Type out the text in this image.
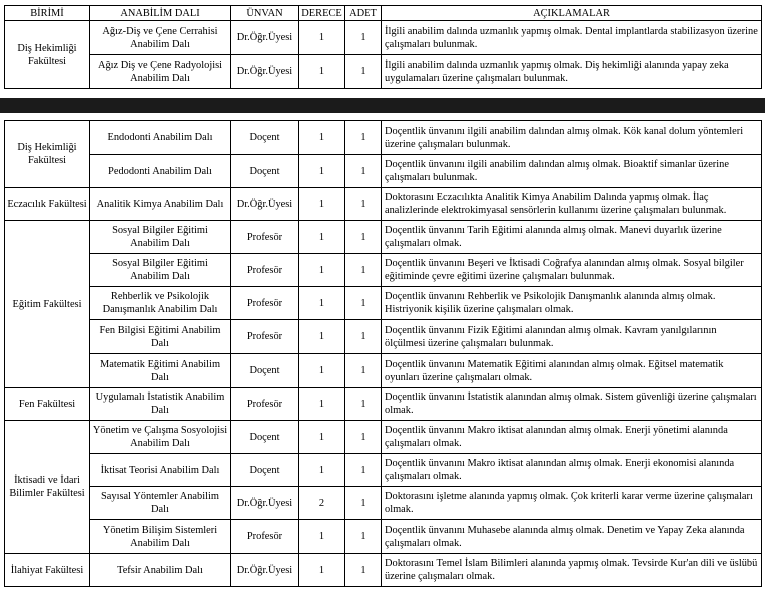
BİRİMİ	ANABİLİM DALI	ÜNVAN	DERECE	ADET	AÇIKLAMALAR
Diş Hekimliği Fakültesi	Ağız-Diş ve Çene Cerrahisi Anabilim Dalı	Dr.Öğr.Üyesi	1	1	İlgili anabilim dalında uzmanlık yapmış olmak. Dental implantlarda stabilizasyon üzerine çalışmaları bulunmak.
	Ağız Diş ve Çene Radyolojisi Anabilim Dalı	Dr.Öğr.Üyesi	1	1	İlgili anabilim dalında uzmanlık yapmış olmak. Diş hekimliği alanında yapay zeka uygulamaları üzerine çalışmaları bulunmak.
Diş Hekimliği Fakültesi	Endodonti Anabilim Dalı	Doçent	1	1	Doçentlik ünvanını ilgili anabilim dalından almış olmak. Kök kanal dolum yöntemleri üzerine çalışmaları bulunmak.
	Pedodonti Anabilim Dalı	Doçent	1	1	Doçentlik ünvanını ilgili anabilim dalından almış olmak. Bioaktif simanlar üzerine çalışmaları bulunmak.
Eczacılık Fakültesi	Analitik Kimya Anabilim Dalı	Dr.Öğr.Üyesi	1	1	Doktorasını Eczacılıkta Analitik Kimya Anabilim Dalında yapmış olmak. İlaç analizlerinde elektrokimyasal sensörlerin kullanımı üzerine çalışmaları bulunmak.
Eğitim Fakültesi	Sosyal Bilgiler Eğitimi Anabilim Dalı	Profesör	1	1	Doçentlik ünvanını Tarih Eğitimi alanında almış olmak. Manevi duyarlık üzerine çalışmaları olmak.
	Sosyal Bilgiler Eğitimi Anabilim Dalı	Profesör	1	1	Doçentlik ünvanını Beşeri ve İktisadi Coğrafya alanından almış olmak. Sosyal bilgiler eğitiminde çevre eğitimi üzerine çalışmaları bulunmak.
	Rehberlik ve Psikolojik Danışmanlık Anabilim Dalı	Profesör	1	1	Doçentlik ünvanını Rehberlik ve Psikolojik Danışmanlık alanında almış olmak. Histriyonik kişilik üzerine çalışmaları olmak.
	Fen Bilgisi Eğitimi Anabilim Dalı	Profesör	1	1	Doçentlik ünvanını Fizik Eğitimi alanından almış olmak. Kavram yanılgılarının ölçülmesi üzerine çalışmaları bulunmak.
	Matematik Eğitimi Anabilim Dalı	Doçent	1	1	Doçentlik ünvanını Matematik Eğitimi alanından almış olmak. Eğitsel matematik oyunları üzerine çalışmaları olmak.
Fen Fakültesi	Uygulamalı İstatistik Anabilim Dalı	Profesör	1	1	Doçentlik ünvanını İstatistik alanından almış olmak. Sistem güvenliği üzerine çalışmaları olmak.
İktisadi ve İdari Bilimler Fakültesi	Yönetim ve Çalışma Sosyolojisi Anabilim Dalı	Doçent	1	1	Doçentlik ünvanını Makro iktisat alanından almış olmak. Enerji yönetimi alanında çalışmaları olmak.
	İktisat Teorisi Anabilim Dalı	Doçent	1	1	Doçentlik ünvanını Makro iktisat alanından almış olmak. Enerji ekonomisi alanında çalışmaları olmak.
	Sayısal Yöntemler Anabilim Dalı	Dr.Öğr.Üyesi	2	1	Doktorasını işletme alanında yapmış olmak. Çok kriterli karar verme üzerine çalışmaları olmak.
	Yönetim Bilişim Sistemleri Anabilim Dalı	Profesör	1	1	Doçentlik ünvanını Muhasebe alanında almış olmak. Denetim ve Yapay Zeka alanında çalışmaları olmak.
İlahiyat Fakültesi	Tefsir Anabilim Dalı	Dr.Öğr.Üyesi	1	1	Doktorasını Temel İslam Bilimleri alanında yapmış olmak. Tevsirde Kur'an dili ve üslübü üzerine çalışmaları olmak.
